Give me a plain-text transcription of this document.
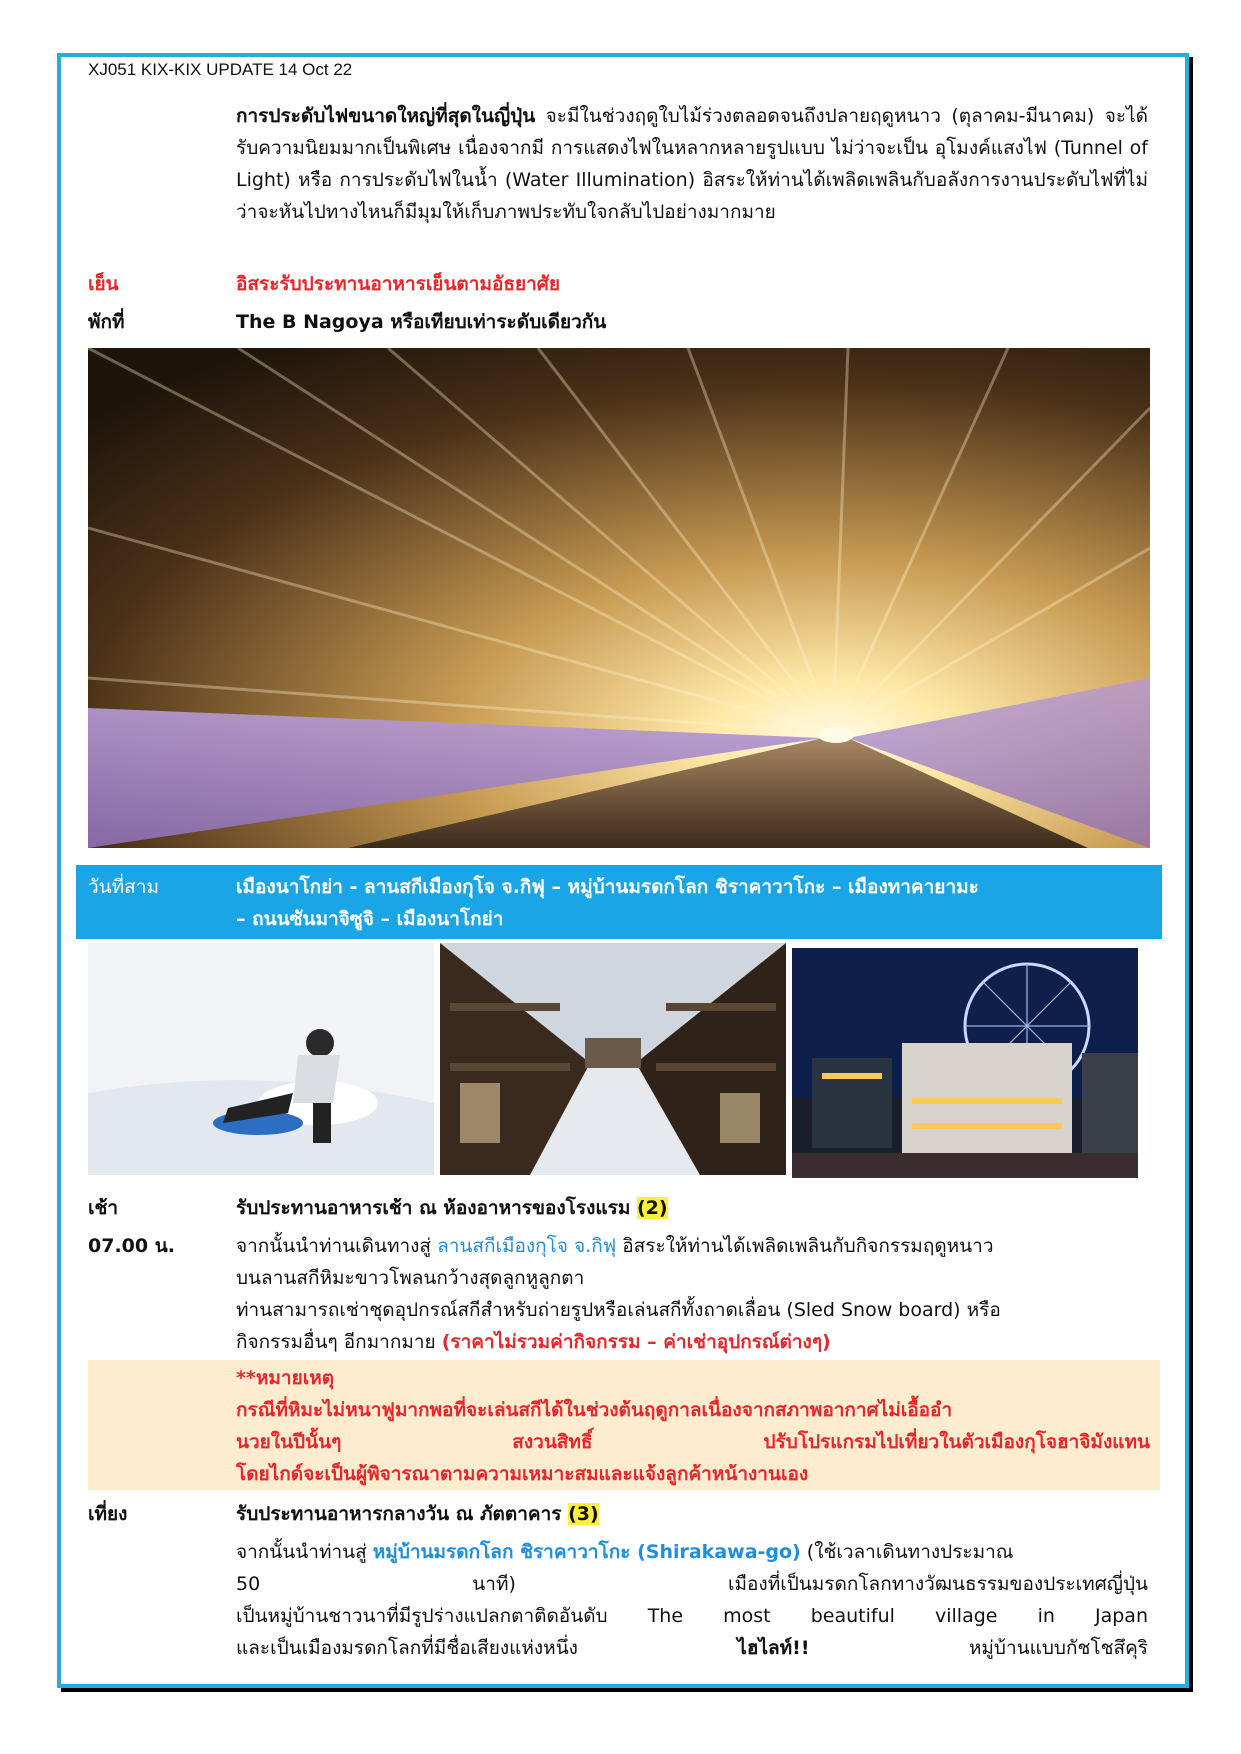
XJ051 KIX-KIX UPDATE 14 Oct 22
การประดับไฟขนาดใหญ่ที่สุดในญี่ปุ่น จะมีในช่วงฤดูใบไม้ร่วงตลอดจนถึงปลายฤดูหนาว (ตุลาคม-มีนาคม) จะได้รับความนิยมมากเป็นพิเศษ เนื่องจากมี การแสดงไฟในหลากหลายรูปแบบ ไม่ว่าจะเป็น อุโมงค์แสงไฟ (Tunnel of Light) หรือ การประดับไฟในน้ำ (Water Illumination) อิสระให้ท่านได้เพลิดเพลินกับอลังการงานประดับไฟที่ไม่ว่าจะหันไปทางไหนก็มีมุมให้เก็บภาพประทับใจกลับไปอย่างมากมาย
เย็น	อิสระรับประทานอาหารเย็นตามอัธยาศัย
พักที่	The B Nagoya หรือเทียบเท่าระดับเดียวกัน
วันที่สาม	เมืองนาโกย่า - ลานสกีเมืองกุโจ จ.กิฟุ – หมู่บ้านมรดกโลก ชิราคาวาโกะ – เมืองทาคายามะ
– ถนนซันมาจิซูจิ – เมืองนาโกย่า
เช้า	รับประทานอาหารเช้า ณ ห้องอาหารของโรงแรม (2)
07.00 น.	จากนั้นนำท่านเดินทางสู่ ลานสกีเมืองกุโจ จ.กิฟุ อิสระให้ท่านได้เพลิดเพลินกับกิจกรรมฤดูหนาว
บนลานสกีหิมะขาวโพลนกว้างสุดลูกหูลูกตา
ท่านสามารถเช่าชุดอุปกรณ์สกีสำหรับถ่ายรูปหรือเล่นสกีทั้งถาดเลื่อน (Sled Snow board) หรือ
กิจกรรมอื่นๆ อีกมากมาย (ราคาไม่รวมค่ากิจกรรม – ค่าเช่าอุปกรณ์ต่างๆ)
**หมายเหตุ
กรณีที่หิมะไม่หนาฟูมากพอที่จะเล่นสกีได้ในช่วงต้นฤดูกาลเนื่องจากสภาพอากาศไม่เอื้ออำ
นวยในปีนั้นๆ สงวนสิทธิ์ ปรับโปรแกรมไปเที่ยวในตัวเมืองกุโจฮาจิมังแทน
โดยไกด์จะเป็นผู้พิจารณาตามความเหมาะสมและแจ้งลูกค้าหน้างานเอง
เที่ยง	รับประทานอาหารกลางวัน ณ ภัตตาคาร (3)
จากนั้นนำท่านสู่ หมู่บ้านมรดกโลก ชิราคาวาโกะ (Shirakawa-go) (ใช้เวลาเดินทางประมาณ
50 นาที) เมืองที่เป็นมรดกโลกทางวัฒนธรรมของประเทศญี่ปุ่น
เป็นหมู่บ้านชาวนาที่มีรูปร่างแปลกตาติดอันดับ The most beautiful village in Japan
และเป็นเมืองมรดกโลกที่มีชื่อเสียงแห่งหนึ่ง ไฮไลท์!! หมู่บ้านแบบกัชโชสึคุริ
